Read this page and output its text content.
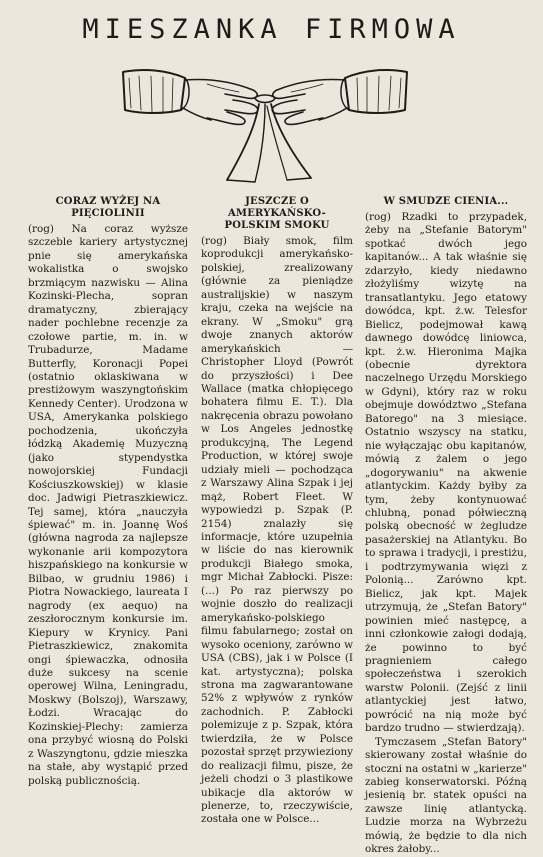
MIESZANKA FIRMOWA
CORAZ WYŻEJ NA PIĘCIOLINII

(rog) Na coraz wyższe szczeble kariery artystycznej pnie się amerykańska wokalistka o swojsko brzmiącym nazwisku — Alina Kozinski-Plecha, sopran dramatyczny, zbierający nader pochlebne recenzje za czołowe partie, m. in. w Trubadurze, Madame Butterfly, Koronacji Popei (ostatnio oklaskiwana w prestiżowym waszyngtońskim Kennedy Center). Urodzona w USA, Amerykanka polskiego pochodzenia, ukończyła łódzką Akademię Muzyczną (jako stypendystka nowojorskiej Fundacji Kościuszkowskiej) w klasie doc. Jadwigi Pietraszkiewicz. Tej samej, która „nauczyła śpiewać" m. in. Joannę Woś (główna nagroda za najlepsze wykonanie arii kompozytora hiszpańskiego na konkursie w Bilbao, w grudniu 1986) i Piotra Nowackiego, laureata I nagrody (ex aequo) na zeszłorocznym konkursie im. Kiepury w Krynicy. Pani Pietraszkiewicz, znakomita ongi śpiewaczka, odnosiła duże sukcesy na scenie operowej Wilna, Leningradu, Moskwy (Bolszoj), Warszawy, Łodzi. Wracając do Kozinskiej-Plechy: zamierza ona przybyć wiosną do Polski z Waszyngtonu, gdzie mieszka na stałe, aby wystąpić przed polską publicznością.

JESZCZE O AMERYKAŃSKO-POLSKIM SMOKU

(rog) Biały smok, film koprodukcji amerykańsko-polskiej, zrealizowany (głównie za pieniądze australijskie) w naszym kraju, czeka na wejście na ekrany. W „Smoku" grą dwoje znanych aktorów amerykańskich — Christopher Lloyd (Powrót do przyszłości) i Dee Wallace (matka chłopięcego bohatera filmu E. T.). Dla nakręcenia obrazu powołano w Los Angeles jednostkę produkcyjną, The Legend Production, w której swoje udziały mieli — pochodząca z Warszawy Alina Szpak i jej mąż, Robert Fleet. W wypowiedzi p. Szpak (P. 2154) znalazły się informacje, które uzupełnia w liście do nas kierownik produkcji Białego smoka, mgr Michał Zabłocki. Pisze: (...) Po raz pierwszy po wojnie doszło do realizacji amerykańsko-polskiego filmu fabularnego; został on wysoko oceniony, zarówno w USA (CBS), jak i w Polsce (I kat. artystyczna); polska strona ma zagwarantowane 52% z wpływów z rynków zachodnich. P. Zabłocki polemizuje z p. Szpak, która twierdziła, że w Polsce pozostał sprzęt przywieziony do realizacji filmu, pisze, że jeżeli chodzi o 3 plastikowe ubikacje dla aktorów w plenerze, to, rzeczywiście, została one w Polsce...

W SMUDZE CIENIA...

(rog) Rzadki to przypadek, żeby na „Stefanie Batorym" spotkać dwóch jego kapitanów... A tak właśnie się zdarzyło, kiedy niedawno złożyliśmy wizytę na transatlantyku. Jego etatowy dowódca, kpt. ż.w. Telesfor Bielicz, podejmował kawą dawnego dowódcę liniowca, kpt. ż.w. Hieronima Majka (obecnie dyrektora naczelnego Urzędu Morskiego w Gdyni), który raz w roku obejmuje dowództwo „Stefana Batorego" na 3 miesiące. Ostatnio wszyscy na statku, nie wyłączając obu kapitanów, mówią z żalem o jego „dogorywaniu" na akwenie atlantyckim. Każdy byłby za tym, żeby kontynuować chlubną, ponad półwieczną polską obecność w żegludze pasażerskiej na Atlantyku. Bo to sprawa i tradycji, i prestiżu, i podtrzymywania więzi z Polonią... Zarówno kpt. Bielicz, jak kpt. Majek utrzymują, że „Stefan Batory" powinien mieć następcę, a inni członkowie załogi dodają, że powinno to być pragnieniem całego społeczeństwa i szerokich warstw Polonii. (Zejść z linii atlantyckiej jest łatwo, powrócić na nią może być bardzo trudno — stwierdzają).

Tymczasem „Stefan Batory" skierowany został właśnie do stoczni na ostatni w „karierze" zabieg konserwatorski. Późną jesienią br. statek opuści na zawsze linię atlantycką. Ludzie morza na Wybrzeżu mówią, że będzie to dla nich okres żałoby...
